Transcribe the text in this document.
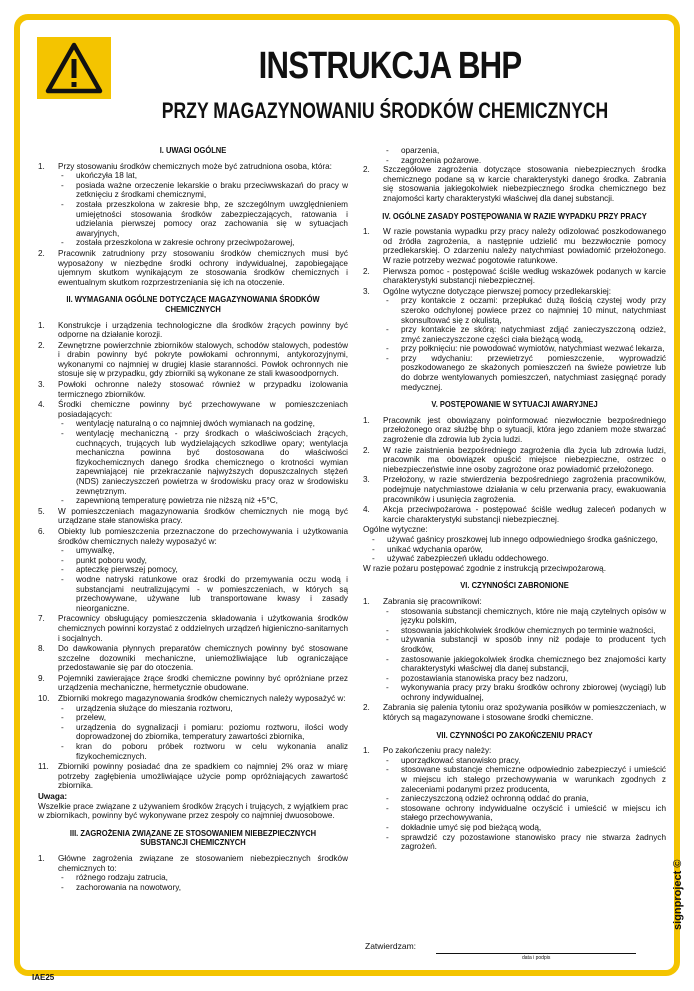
INSTRUKCJA BHP
PRZY MAGAZYNOWANIU ŚRODKÓW CHEMICZNYCH
I. UWAGI OGÓLNE
1. Przy stosowaniu środków chemicznych może być zatrudniona osoba, która:
- ukończyła 18 lat,
- posiada ważne orzeczenie lekarskie o braku przeciwwskazań do pracy w zetknięciu z środkami chemicznymi,
- została przeszkolona w zakresie bhp, ze szczególnym uwzględnieniem umiejętności stosowania środków zabezpieczających, ratowania i udzielania pierwszej pomocy oraz zachowania się w sytuacjach awaryjnych,
- została przeszkolona w zakresie ochrony przeciwpożarowej,
2. Pracownik zatrudniony przy stosowaniu środków chemicznych musi być wyposażony w niezbędne środki ochrony indywidualnej, zapobiegające ujemnym skutkom wynikającym ze stosowania środków chemicznych i ewentualnym skutkom rozprzestrzeniania się ich na otoczenie.
II. WYMAGANIA OGÓLNE DOTYCZĄCE MAGAZYNOWANIA ŚRODKÓW CHEMICZNYCH
1. Konstrukcje i urządzenia technologiczne dla środków żrących powinny być odporne na działanie korozji.
2. Zewnętrzne powierzchnie zbiorników stalowych, schodów stalowych, podestów i drabin powinny być pokryte powłokami ochronnymi, antykorozyjnymi, wykonanymi co najmniej w drugiej klasie staranności. Powłok ochronnych nie stosuje się w przypadku, gdy zbiorniki są wykonane ze stali kwasoodpornych.
3. Powłoki ochronne należy stosować również w przypadku izolowania termicznego zbiorników.
4. Środki chemiczne powinny być przechowywane w pomieszczeniach posiadających:
- wentylację naturalną o co najmniej dwóch wymianach na godzinę,
- wentylację mechaniczną - przy środkach o właściwościach żrących, cuchnących, trujących lub wydzielających szkodliwe opary; wentylacja mechaniczna powinna być dostosowana do właściwości fizykochemicznych danego środka chemicznego o krotności wymian zapewniającej nie przekraczanie najwyższych dopuszczalnych stężeń (NDS) zanieczyszczeń powietrza w środowisku pracy oraz w środowisku zewnętrznym.
- zapewnioną temperaturę powietrza nie niższą niż +5°C,
5. W pomieszczeniach magazynowania środków chemicznych nie mogą być urządzane stałe stanowiska pracy.
6. Obiekty lub pomieszczenia przeznaczone do przechowywania i użytkowania środków chemicznych należy wyposażyć w:
- umywalkę,
- punkt poboru wody,
- apteczkę pierwszej pomocy,
- wodne natryski ratunkowe oraz środki do przemywania oczu wodą i substancjami neutralizującymi - w pomieszczeniach, w których są przechowywane, używane lub transportowane kwasy i zasady nieorganiczne.
7. Pracownicy obsługujący pomieszczenia składowania i użytkowania środków chemicznych powinni korzystać z oddzielnych urządzeń higieniczno-sanitarnych i socjalnych.
8. Do dawkowania płynnych preparatów chemicznych powinny być stosowane szczelne dozowniki mechaniczne, uniemożliwiające lub ograniczające przedostawanie się par do otoczenia.
9. Pojemniki zawierające żrące środki chemiczne powinny być opróżniane przez urządzenia mechaniczne, hermetycznie obudowane.
10. Zbiorniki mokrego magazynowania środków chemicznych należy wyposażyć w:
- urządzenia służące do mieszania roztworu,
- przelew,
- urządzenia do sygnalizacji i pomiaru: poziomu roztworu, ilości wody doprowadzonej do zbiornika, temperatury zawartości zbiornika,
- kran do poboru próbek roztworu w celu wykonania analiz fizykochemicznych.
11. Zbiorniki powinny posiadać dna ze spadkiem co najmniej 2% oraz w miarę potrzeby zagłębienia umożliwiające użycie pomp opróżniających zawartość zbiornika.
Uwaga:
Wszelkie prace związane z używaniem środków żrących i trujących, z wyjątkiem prac w zbiornikach, powinny być wykonywane przez zespoły co najmniej dwuosobowe.
III. ZAGROŻENIA ZWIĄZANE ZE STOSOWANIEM NIEBEZPIECZNYCH SUBSTANCJI CHEMICZNYCH
1. Główne zagrożenia związane ze stosowaniem niebezpiecznych środków chemicznych to:
- różnego rodzaju zatrucia,
- zachorowania na nowotwory,
- oparzenia,
- zagrożenia pożarowe.
2. Szczegółowe zagrożenia dotyczące stosowania niebezpiecznych środka chemicznego podane są w karcie charakterystyki danego środka. Zabrania się stosowania jakiegokolwiek niebezpiecznego środka chemicznego bez znajomości karty charakterystyki właściwej dla danej substancji.
IV. OGÓLNE ZASADY POSTĘPOWANIA W RAZIE WYPADKU PRZY PRACY
1. W razie powstania wypadku przy pracy należy odizolować poszkodowanego od źródła zagrożenia, a następnie udzielić mu bezzwłocznie pomocy przedlekarskiej. O zdarzeniu należy natychmiast powiadomić przełożonego. W razie potrzeby wezwać pogotowie ratunkowe.
2. Pierwsza pomoc - postępować ściśle według wskazówek podanych w karcie charakterystyki substancji niebezpiecznej.
3. Ogólne wytyczne dotyczące pierwszej pomocy przedlekarskiej:
- przy kontakcie z oczami: przepłukać dużą ilością czystej wody przy szeroko odchylonej powiece przez co najmniej 10 minut, natychmiast skonsultować się z okulistą,
- przy kontakcie ze skórą: natychmiast zdjąć zanieczyszczoną odzież, zmyć zanieczyszczone części ciała bieżącą wodą,
- przy połknięciu: nie powodować wymiotów, natychmiast wezwać lekarza,
- przy wdychaniu: przewietrzyć pomieszczenie, wyprowadzić poszkodowanego ze skażonych pomieszczeń na świeże powietrze lub do dobrze wentylowanych pomieszczeń, natychmiast zasięgnąć porady medycznej.
V. POSTĘPOWANIE W SYTUACJI AWARYJNEJ
1. Pracownik jest obowiązany poinformować niezwłocznie bezpośredniego przełożonego oraz służbę bhp o sytuacji, która jego zdaniem może stwarzać zagrożenie dla zdrowia lub życia ludzi.
2. W razie zaistnienia bezpośredniego zagrożenia dla życia lub zdrowia ludzi, pracownik ma obowiązek opuścić miejsce niebezpieczne, ostrzec o niebezpieczeństwie inne osoby zagrożone oraz powiadomić przełożonego.
3. Przełożony, w razie stwierdzenia bezpośredniego zagrożenia pracowników, podejmuje natychmiastowe działania w celu przerwania pracy, ewakuowania pracowników i usunięcia zagrożenia.
4. Akcja przeciwpożarowa - postępować ściśle według zaleceń podanych w karcie charakterystyki substancji niebezpiecznej.
Ogólne wytyczne:
- używać gaśnicy proszkowej lub innego odpowiedniego środka gaśniczego,
- unikać wdychania oparów,
- używać zabezpieczeń układu oddechowego.
W razie pożaru postępować zgodnie z instrukcją przeciwpożarową.
VI. CZYNNOŚCI ZABRONIONE
1. Zabrania się pracownikowi:
- stosowania substancji chemicznych, które nie mają czytelnych opisów w języku polskim,
- stosowania jakichkolwiek środków chemicznych po terminie ważności,
- używania substancji w sposób inny niż podaje to producent tych środków,
- zastosowanie jakiegokolwiek środka chemicznego bez znajomości karty charakterystyki właściwej dla danej substancji,
- pozostawiania stanowiska pracy bez nadzoru,
- wykonywania pracy przy braku środków ochrony zbiorowej (wyciągi) lub ochrony indywidualnej,
2. Zabrania się palenia tytoniu oraz spożywania posiłków w pomieszczeniach, w których są magazynowane i stosowane środki chemiczne.
VII. CZYNNOŚCI PO ZAKOŃCZENIU PRACY
1. Po zakończeniu pracy należy:
- uporządkować stanowisko pracy,
- stosowane substancje chemiczne odpowiednio zabezpieczyć i umieścić w miejscu ich stałego przechowywania w warunkach zgodnych z zaleceniami podanymi przez producenta,
- zanieczyszczoną odzież ochronną oddać do prania,
- stosowane ochrony indywidualne oczyścić i umieścić w miejscu ich stałego przechowywania,
- dokładnie umyć się pod bieżącą wodą,
- sprawdzić czy pozostawione stanowisko pracy nie stwarza żadnych zagrożeń.
Zatwierdzam:
data i podpis
IAE25
signproject ©
